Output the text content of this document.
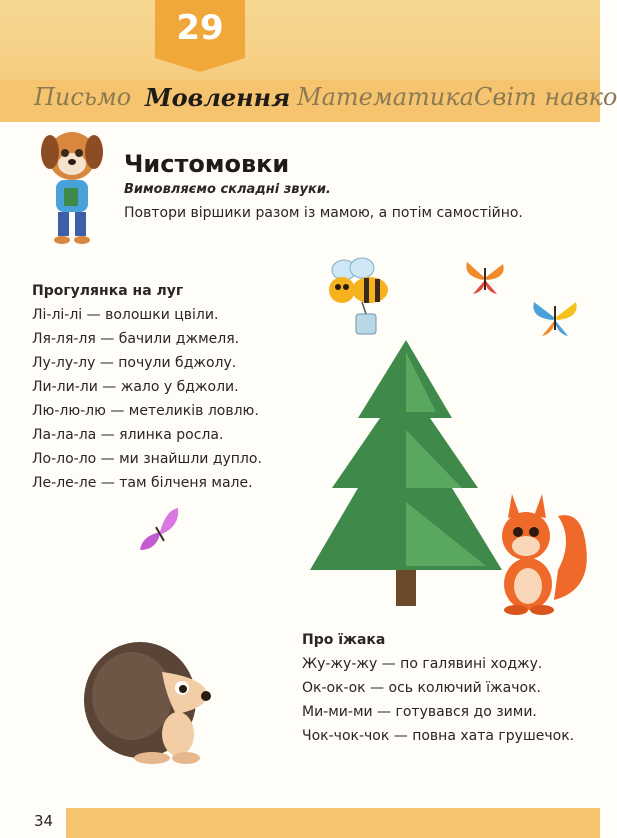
29
Письмо Мовлення Математика Світ навко
Чистомовки
Вимовляємо складні звуки.
Повтори віршики разом із мамою, а потім самостійно.
Прогулянка на луг
Лі-лі-лі — волошки цвіли.
Ля-ля-ля — бачили джмеля.
Лу-лу-лу — почули бджолу.
Ли-ли-ли — жало у бджоли.
Лю-лю-лю — метеликів ловлю.
Ла-ла-ла — ялинка росла.
Ло-ло-ло — ми знайшли дупло.
Ле-ле-ле — там білченя мале.
Про їжака
Жу-жу-жу — по галявині ходжу.
Ок-ок-ок — ось колючий їжачок.
Ми-ми-ми — готувався до зими.
Чок-чок-чок — повна хата грушечок.
34
